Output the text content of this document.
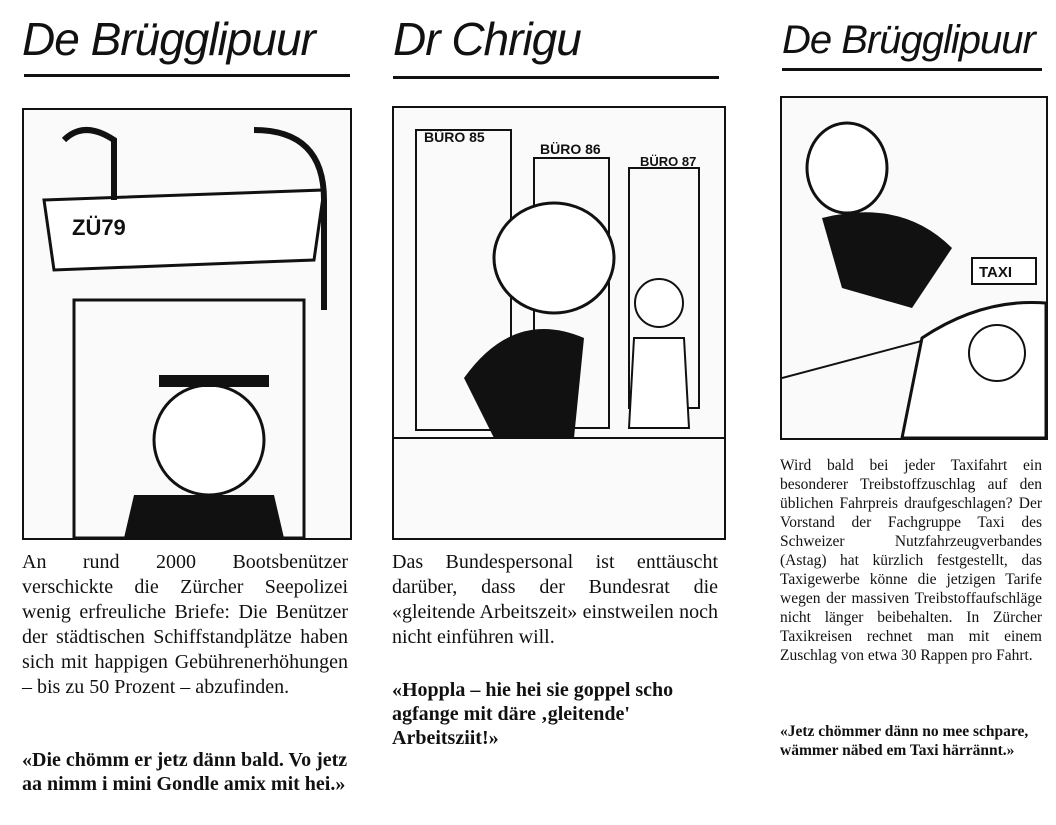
De Brügglipuur
ZÜ79

An rund 2000 Bootsbenützer verschickte die Zürcher Seepolizei wenig erfreuliche Briefe: Die Benützer der städtischen Schiffstandplätze haben sich mit happigen Gebührenerhöhungen – bis zu 50 Prozent – abzufinden.

«Die chömm er jetz dänn bald. Vo jetz aa nimm i mini Gondle amix mit hei.»

Dr Chrigu
BÜRO 85
BÜRO 86
BÜRO 87

Das Bundespersonal ist enttäuscht darüber, dass der Bundesrat die «gleitende Arbeitszeit» einstweilen noch nicht einführen will.

«Hoppla – hie hei sie goppel scho agfange mit däre ‚gleitende' Arbeitsziit!»

De Brügglipuur
TAXI

Wird bald bei jeder Taxifahrt ein besonderer Treibstoffzuschlag auf den üblichen Fahrpreis draufgeschlagen? Der Vorstand der Fachgruppe Taxi des Schweizer Nutzfahrzeugverbandes (Astag) hat kürzlich festgestellt, das Taxigewerbe könne die jetzigen Tarife wegen der massiven Treibstoffaufschläge nicht länger beibehalten. In Zürcher Taxikreisen rechnet man mit einem Zuschlag von etwa 30 Rappen pro Fahrt.

«Jetz chömmer dänn no mee schpare, wämmer näbed em Taxi härrännt.»
